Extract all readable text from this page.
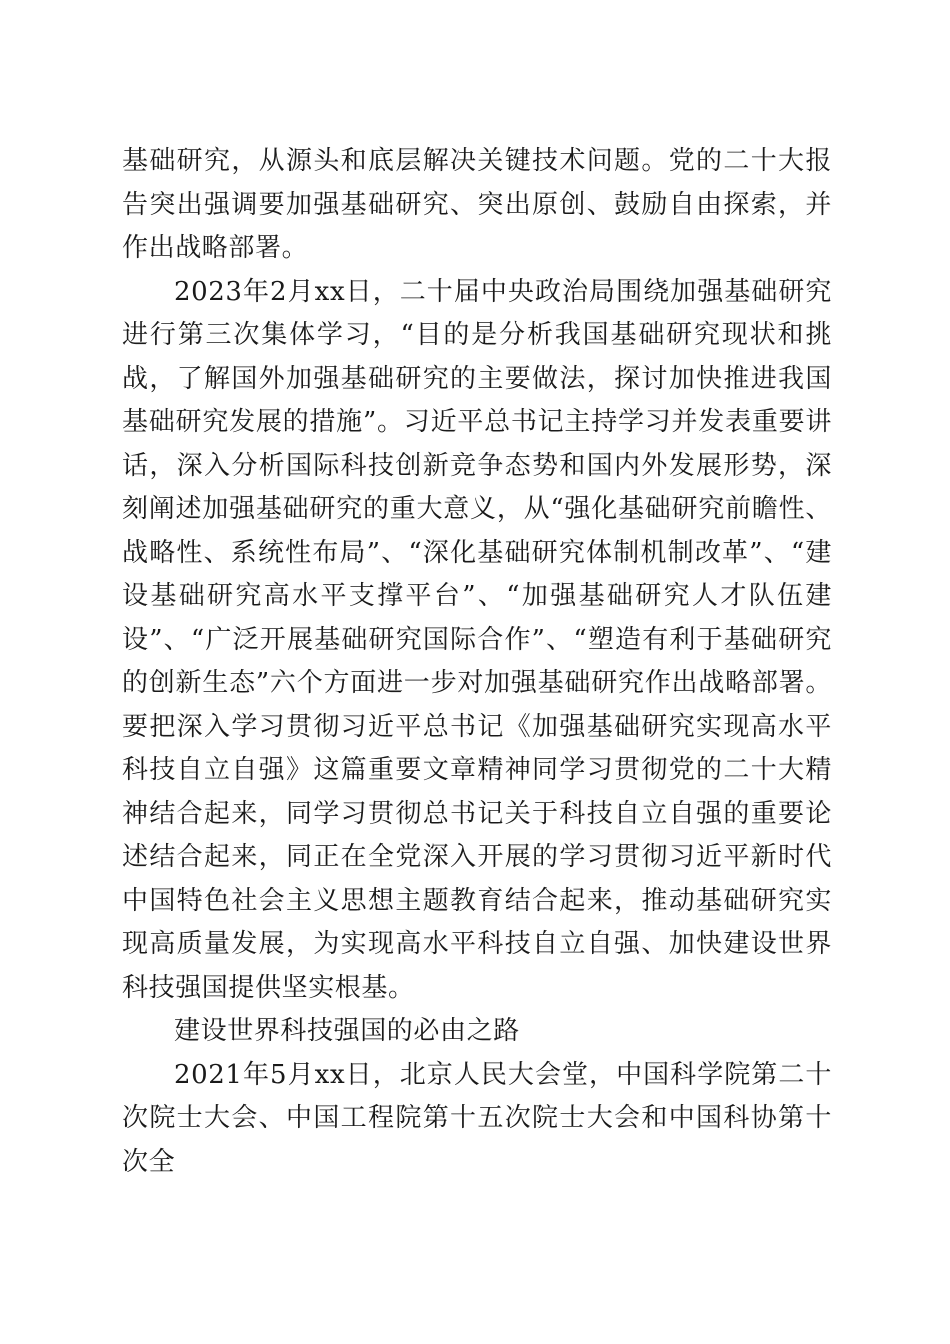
基础研究，从源头和底层解决关键技术问题。党的二十大报告突出强调要加强基础研究、突出原创、鼓励自由探索，并作出战略部署。

2023年2月xx日，二十届中央政治局围绕加强基础研究进行第三次集体学习，“目的是分析我国基础研究现状和挑战，了解国外加强基础研究的主要做法，探讨加快推进我国基础研究发展的措施”。习近平总书记主持学习并发表重要讲话，深入分析国际科技创新竞争态势和国内外发展形势，深刻阐述加强基础研究的重大意义，从“强化基础研究前瞻性、战略性、系统性布局”、“深化基础研究体制机制改革”、“建设基础研究高水平支撑平台”、“加强基础研究人才队伍建设”、“广泛开展基础研究国际合作”、“塑造有利于基础研究的创新生态”六个方面进一步对加强基础研究作出战略部署。要把深入学习贯彻习近平总书记《加强基础研究实现高水平科技自立自强》这篇重要文章精神同学习贯彻党的二十大精神结合起来，同学习贯彻总书记关于科技自立自强的重要论述结合起来，同正在全党深入开展的学习贯彻习近平新时代中国特色社会主义思想主题教育结合起来，推动基础研究实现高质量发展，为实现高水平科技自立自强、加快建设世界科技强国提供坚实根基。

建设世界科技强国的必由之路

2021年5月xx日，北京人民大会堂，中国科学院第二十次院士大会、中国工程院第十五次院士大会和中国科协第十次全
